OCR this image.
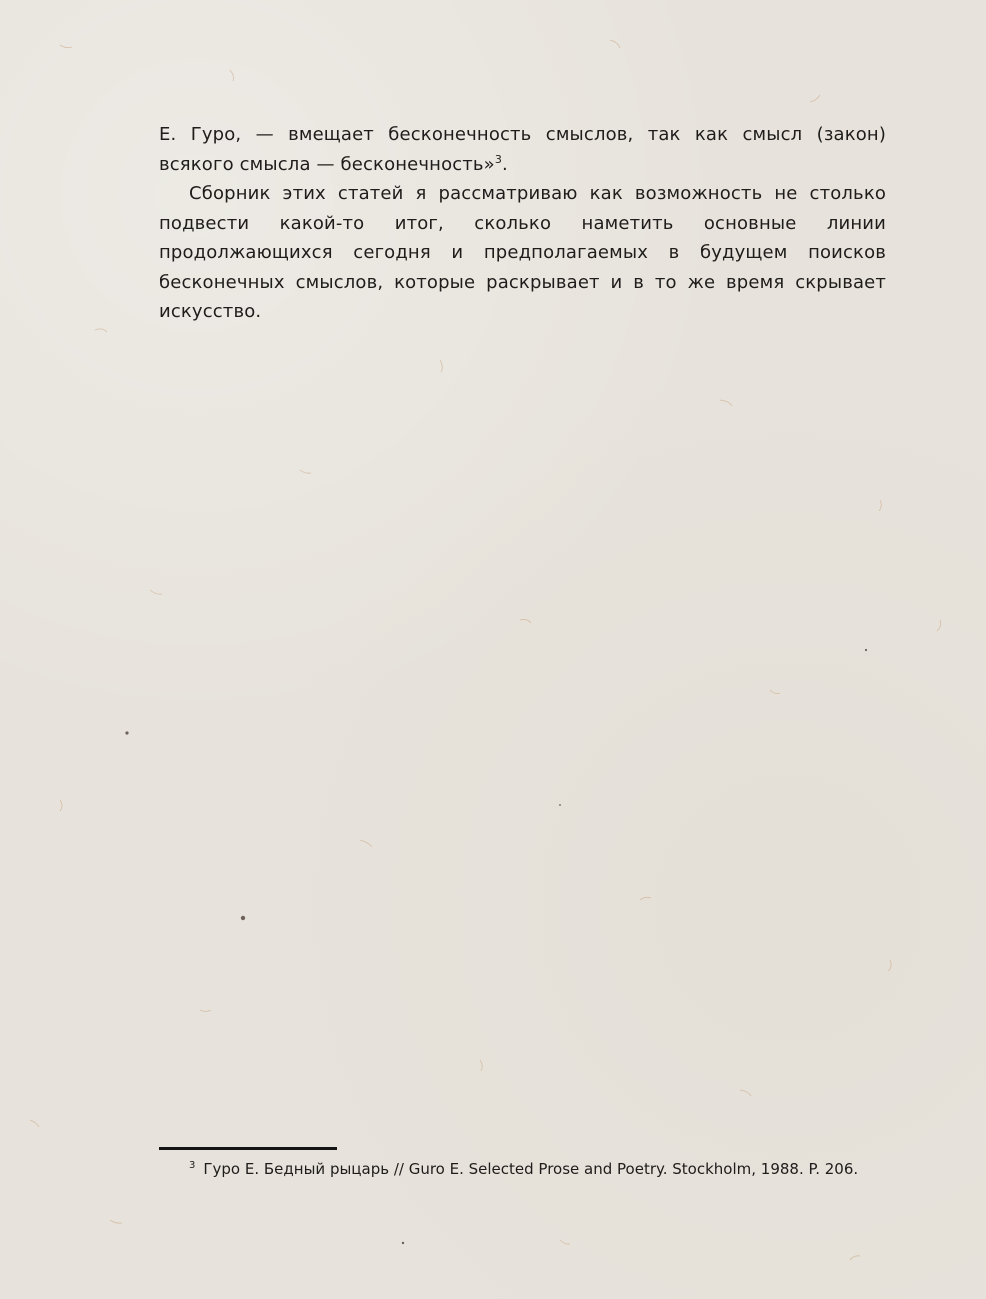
Е. Гуро, — вмещает бесконечность смыслов, так как смысл (закон) всякого смысла — бесконечность»$^3$.

Сборник этих статей я рассматриваю как возможность не столько подвести какой-то итог, сколько наметить основные линии продолжающихся сегодня и предполагаемых в будущем поисков бесконечных смыслов, которые раскрывает и в то же время скрывает искусство.

$^3$ Гуро Е. Бедный рыцарь // Guro E. Selected Prose and Poetry. Stockholm, 1988. P. 206.
